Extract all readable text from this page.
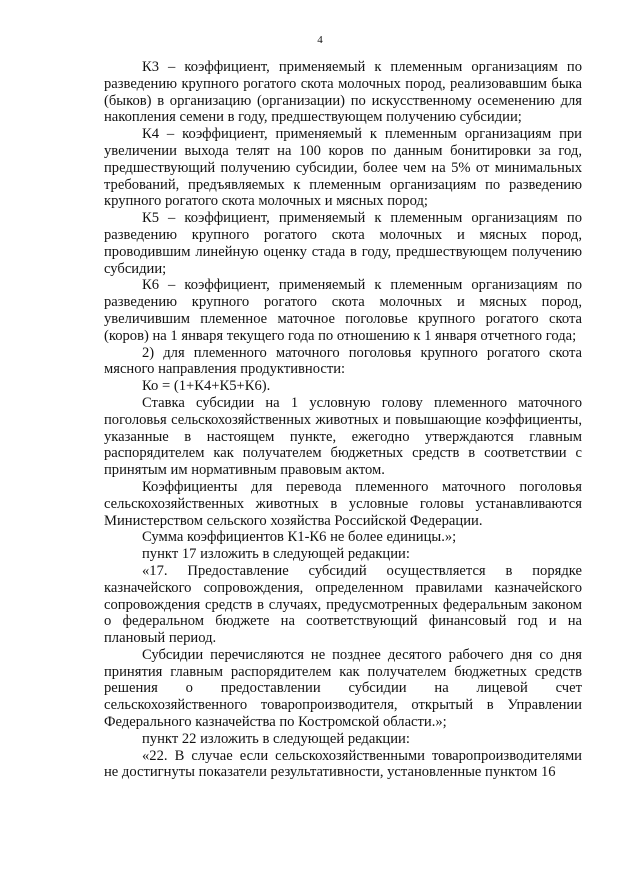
4

К3 – коэффициент, применяемый к племенным организациям по разведению крупного рогатого скота молочных пород, реализовавшим быка (быков) в организацию (организации) по искусственному осеменению для накопления семени в году, предшествующем получению субсидии;

К4 – коэффициент, применяемый к племенным организациям при увеличении выхода телят на 100 коров по данным бонитировки за год, предшествующий получению субсидии, более чем на 5% от минимальных требований, предъявляемых к племенным организациям по разведению крупного рогатого скота молочных и мясных пород;

К5 – коэффициент, применяемый к племенным организациям по разведению крупного рогатого скота молочных и мясных пород, проводившим линейную оценку стада в году, предшествующем получению субсидии;

К6 – коэффициент, применяемый к племенным организациям по разведению крупного рогатого скота молочных и мясных пород, увеличившим племенное маточное поголовье крупного рогатого скота (коров) на 1 января текущего года по отношению к 1 января отчетного года;

2) для племенного маточного поголовья крупного рогатого скота мясного направления продуктивности:

Ко = (1+К4+К5+К6).

Ставка субсидии на 1 условную голову племенного маточного поголовья сельскохозяйственных животных и повышающие коэффициенты, указанные в настоящем пункте, ежегодно утверждаются главным распорядителем как получателем бюджетных средств в соответствии с принятым им нормативным правовым актом.

Коэффициенты для перевода племенного маточного поголовья сельскохозяйственных животных в условные головы устанавливаются Министерством сельского хозяйства Российской Федерации.

Сумма коэффициентов К1-К6 не более единицы.»;

пункт 17 изложить в следующей редакции:

«17. Предоставление субсидий осуществляется в порядке казначейского сопровождения, определенном правилами казначейского сопровождения средств в случаях, предусмотренных федеральным законом о федеральном бюджете на соответствующий финансовый год и на плановый период.

Субсидии перечисляются не позднее десятого рабочего дня со дня принятия главным распорядителем как получателем бюджетных средств решения о предоставлении субсидии на лицевой счет сельскохозяйственного товаропроизводителя, открытый в Управлении Федерального казначейства по Костромской области.»;

пункт 22 изложить в следующей редакции:

«22. В случае если сельскохозяйственными товаропроизводителями не достигнуты показатели результативности, установленные пунктом 16
